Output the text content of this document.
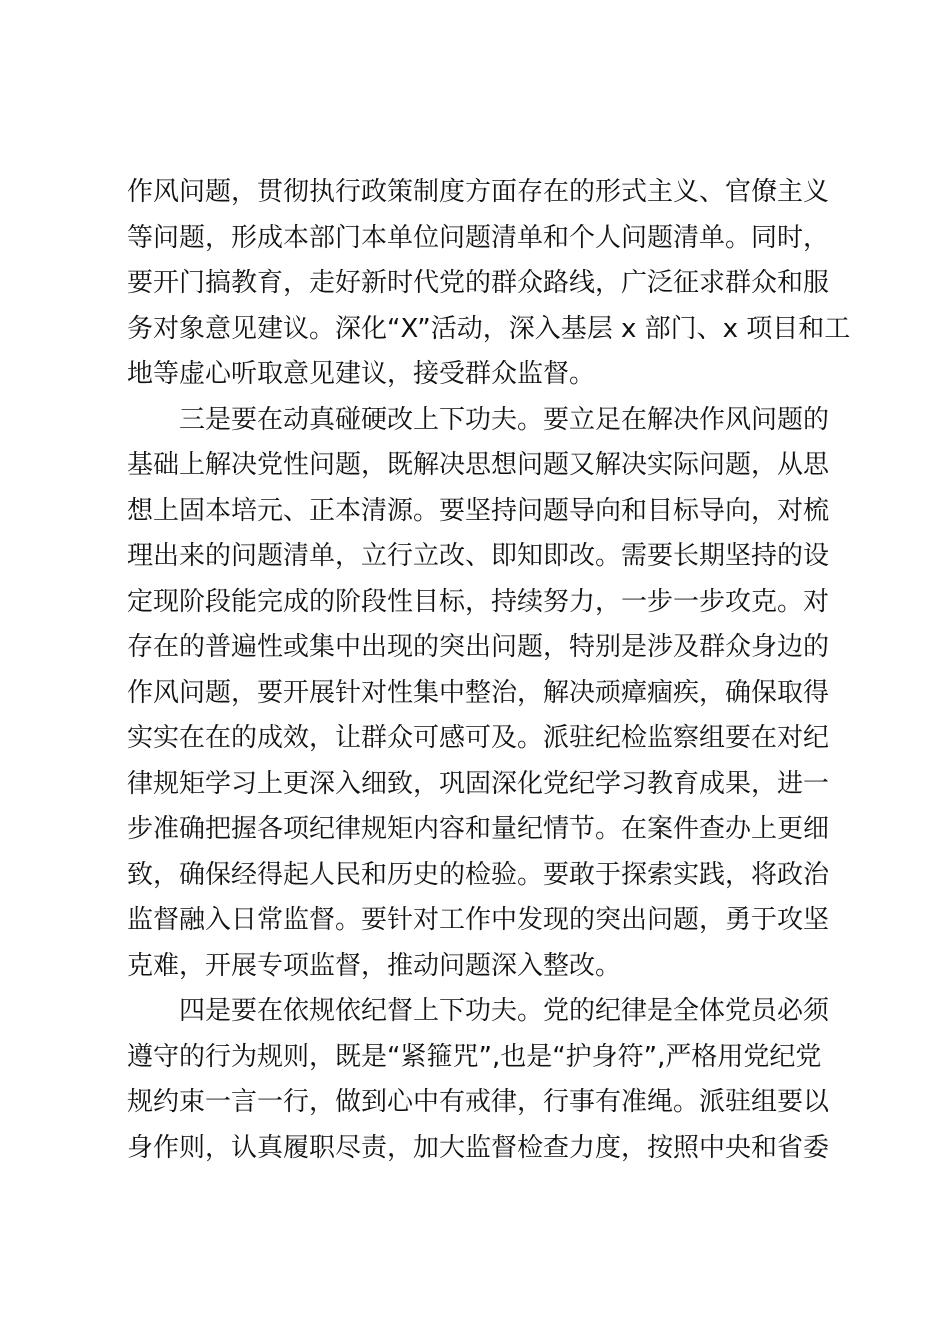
作风问题，贯彻执行政策制度方面存在的形式主义、官僚主义
等问题，形成本部门本单位问题清单和个人问题清单。同时，
要开门搞教育，走好新时代党的群众路线，广泛征求群众和服
务对象意见建议。深化“X”活动，深入基层 x 部门、x 项目和工
地等虚心听取意见建议，接受群众监督。
三是要在动真碰硬改上下功夫。要立足在解决作风问题的
基础上解决党性问题，既解决思想问题又解决实际问题，从思
想上固本培元、正本清源。要坚持问题导向和目标导向，对梳
理出来的问题清单，立行立改、即知即改。需要长期坚持的设
定现阶段能完成的阶段性目标，持续努力，一步一步攻克。对
存在的普遍性或集中出现的突出问题，特别是涉及群众身边的
作风问题，要开展针对性集中整治，解决顽瘴痼疾，确保取得
实实在在的成效，让群众可感可及。派驻纪检监察组要在对纪
律规矩学习上更深入细致，巩固深化党纪学习教育成果，进一
步准确把握各项纪律规矩内容和量纪情节。在案件查办上更细
致，确保经得起人民和历史的检验。要敢于探索实践，将政治
监督融入日常监督。要针对工作中发现的突出问题，勇于攻坚
克难，开展专项监督，推动问题深入整改。
四是要在依规依纪督上下功夫。党的纪律是全体党员必须
遵守的行为规则，既是“紧箍咒”,也是“护身符”,严格用党纪党
规约束一言一行，做到心中有戒律，行事有准绳。派驻组要以
身作则，认真履职尽责，加大监督检查力度，按照中央和省委
